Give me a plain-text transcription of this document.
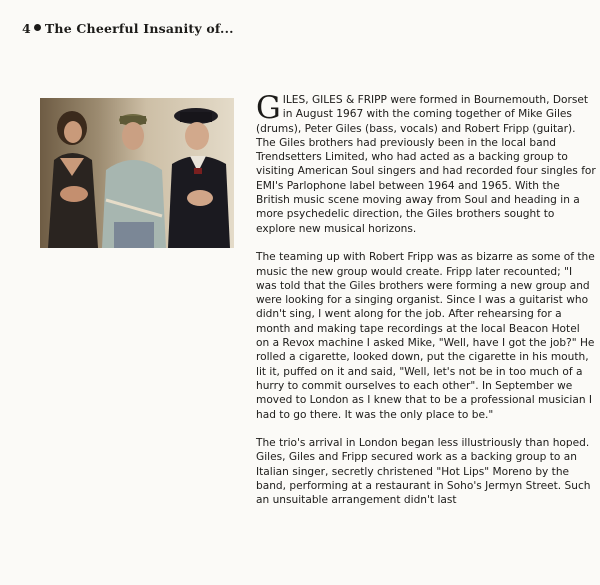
4 The Cheerful Insanity of...

GILES, GILES & FRIPP were formed in Bournemouth, Dorset in August 1967 with the coming together of Mike Giles (drums), Peter Giles (bass, vocals) and Robert Fripp (guitar). The Giles brothers had previously been in the local band Trendsetters Limited, who had acted as a backing group to visiting American Soul singers and had recorded four singles for EMI's Parlophone label between 1964 and 1965. With the British music scene moving away from Soul and heading in a more psychedelic direction, the Giles brothers sought to explore new musical horizons.

The teaming up with Robert Fripp was as bizarre as some of the music the new group would create. Fripp later recounted; "I was told that the Giles brothers were forming a new group and were looking for a singing organist. Since I was a guitarist who didn't sing, I went along for the job. After rehearsing for a month and making tape recordings at the local Beacon Hotel on a Revox machine I asked Mike, "Well, have I got the job?" He rolled a cigarette, looked down, put the cigarette in his mouth, lit it, puffed on it and said, "Well, let's not be in too much of a hurry to commit ourselves to each other". In September we moved to London as I knew that to be a professional musician I had to go there. It was the only place to be."

The trio's arrival in London began less illustriously than hoped. Giles, Giles and Fripp secured work as a backing group to an Italian singer, secretly christened "Hot Lips" Moreno by the band, performing at a restaurant in Soho's Jermyn Street. Such an unsuitable arrangement didn't last
